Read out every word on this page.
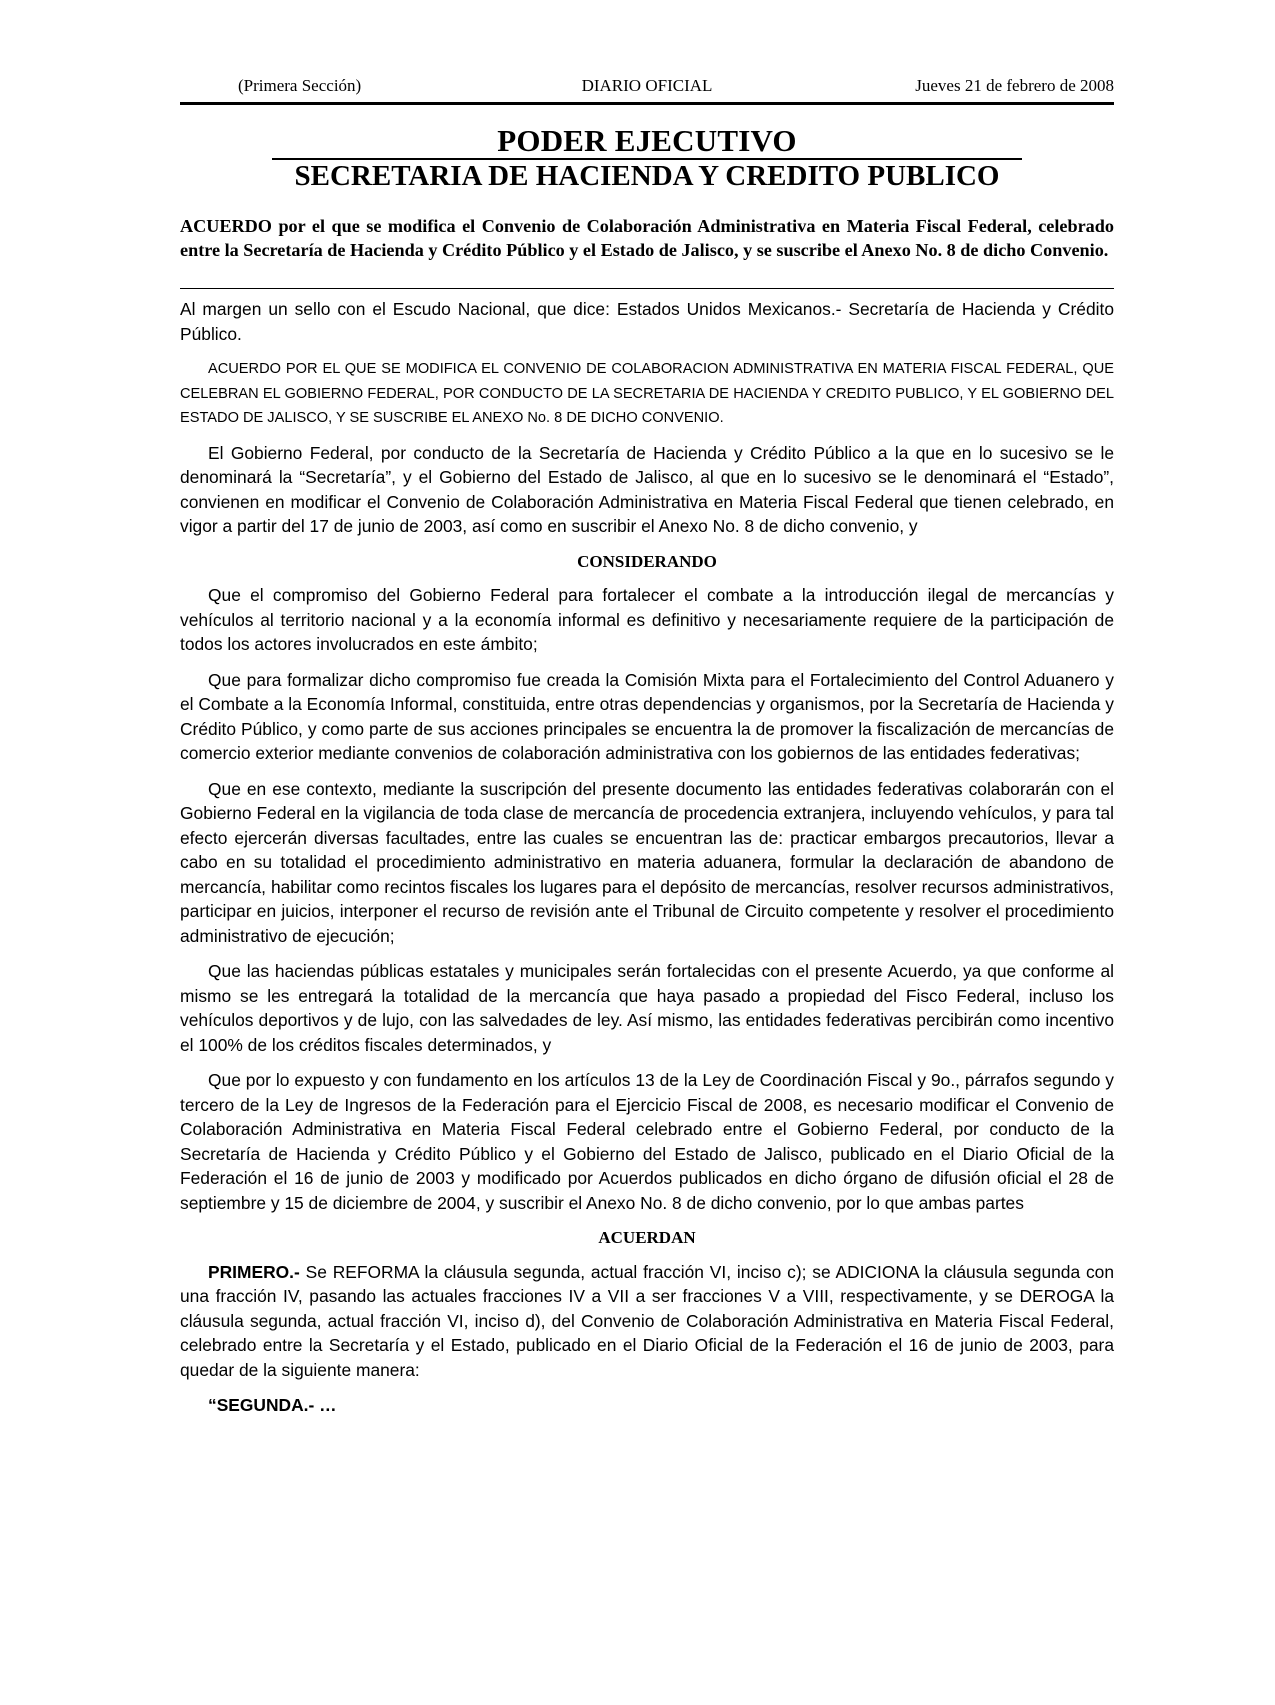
(Primera Sección)	DIARIO OFICIAL	Jueves 21 de febrero de 2008
PODER EJECUTIVO
SECRETARIA DE HACIENDA Y CREDITO PUBLICO
ACUERDO por el que se modifica el Convenio de Colaboración Administrativa en Materia Fiscal Federal, celebrado entre la Secretaría de Hacienda y Crédito Público y el Estado de Jalisco, y se suscribe el Anexo No. 8 de dicho Convenio.

Al margen un sello con el Escudo Nacional, que dice: Estados Unidos Mexicanos.- Secretaría de Hacienda y Crédito Público.

ACUERDO POR EL QUE SE MODIFICA EL CONVENIO DE COLABORACION ADMINISTRATIVA EN MATERIA FISCAL FEDERAL, QUE CELEBRAN EL GOBIERNO FEDERAL, POR CONDUCTO DE LA SECRETARIA DE HACIENDA Y CREDITO PUBLICO, Y EL GOBIERNO DEL ESTADO DE JALISCO, Y SE SUSCRIBE EL ANEXO No. 8 DE DICHO CONVENIO.

El Gobierno Federal, por conducto de la Secretaría de Hacienda y Crédito Público a la que en lo sucesivo se le denominará la “Secretaría”, y el Gobierno del Estado de Jalisco, al que en lo sucesivo se le denominará el “Estado”, convienen en modificar el Convenio de Colaboración Administrativa en Materia Fiscal Federal que tienen celebrado, en vigor a partir del 17 de junio de 2003, así como en suscribir el Anexo No. 8 de dicho convenio, y

CONSIDERANDO

Que el compromiso del Gobierno Federal para fortalecer el combate a la introducción ilegal de mercancías y vehículos al territorio nacional y a la economía informal es definitivo y necesariamente requiere de la participación de todos los actores involucrados en este ámbito;

Que para formalizar dicho compromiso fue creada la Comisión Mixta para el Fortalecimiento del Control Aduanero y el Combate a la Economía Informal, constituida, entre otras dependencias y organismos, por la Secretaría de Hacienda y Crédito Público, y como parte de sus acciones principales se encuentra la de promover la fiscalización de mercancías de comercio exterior mediante convenios de colaboración administrativa con los gobiernos de las entidades federativas;

Que en ese contexto, mediante la suscripción del presente documento las entidades federativas colaborarán con el Gobierno Federal en la vigilancia de toda clase de mercancía de procedencia extranjera, incluyendo vehículos, y para tal efecto ejercerán diversas facultades, entre las cuales se encuentran las de: practicar embargos precautorios, llevar a cabo en su totalidad el procedimiento administrativo en materia aduanera, formular la declaración de abandono de mercancía, habilitar como recintos fiscales los lugares para el depósito de mercancías, resolver recursos administrativos, participar en juicios, interponer el recurso de revisión ante el Tribunal de Circuito competente y resolver el procedimiento administrativo de ejecución;

Que las haciendas públicas estatales y municipales serán fortalecidas con el presente Acuerdo, ya que conforme al mismo se les entregará la totalidad de la mercancía que haya pasado a propiedad del Fisco Federal, incluso los vehículos deportivos y de lujo, con las salvedades de ley. Así mismo, las entidades federativas percibirán como incentivo el 100% de los créditos fiscales determinados, y

Que por lo expuesto y con fundamento en los artículos 13 de la Ley de Coordinación Fiscal y 9o., párrafos segundo y tercero de la Ley de Ingresos de la Federación para el Ejercicio Fiscal de 2008, es necesario modificar el Convenio de Colaboración Administrativa en Materia Fiscal Federal celebrado entre el Gobierno Federal, por conducto de la Secretaría de Hacienda y Crédito Público y el Gobierno del Estado de Jalisco, publicado en el Diario Oficial de la Federación el 16 de junio de 2003 y modificado por Acuerdos publicados en dicho órgano de difusión oficial el 28 de septiembre y 15 de diciembre de 2004, y suscribir el Anexo No. 8 de dicho convenio, por lo que ambas partes

ACUERDAN

PRIMERO.- Se REFORMA la cláusula segunda, actual fracción VI, inciso c); se ADICIONA la cláusula segunda con una fracción IV, pasando las actuales fracciones IV a VII a ser fracciones V a VIII, respectivamente, y se DEROGA la cláusula segunda, actual fracción VI, inciso d), del Convenio de Colaboración Administrativa en Materia Fiscal Federal, celebrado entre la Secretaría y el Estado, publicado en el Diario Oficial de la Federación el 16 de junio de 2003, para quedar de la siguiente manera:

“SEGUNDA.- …
